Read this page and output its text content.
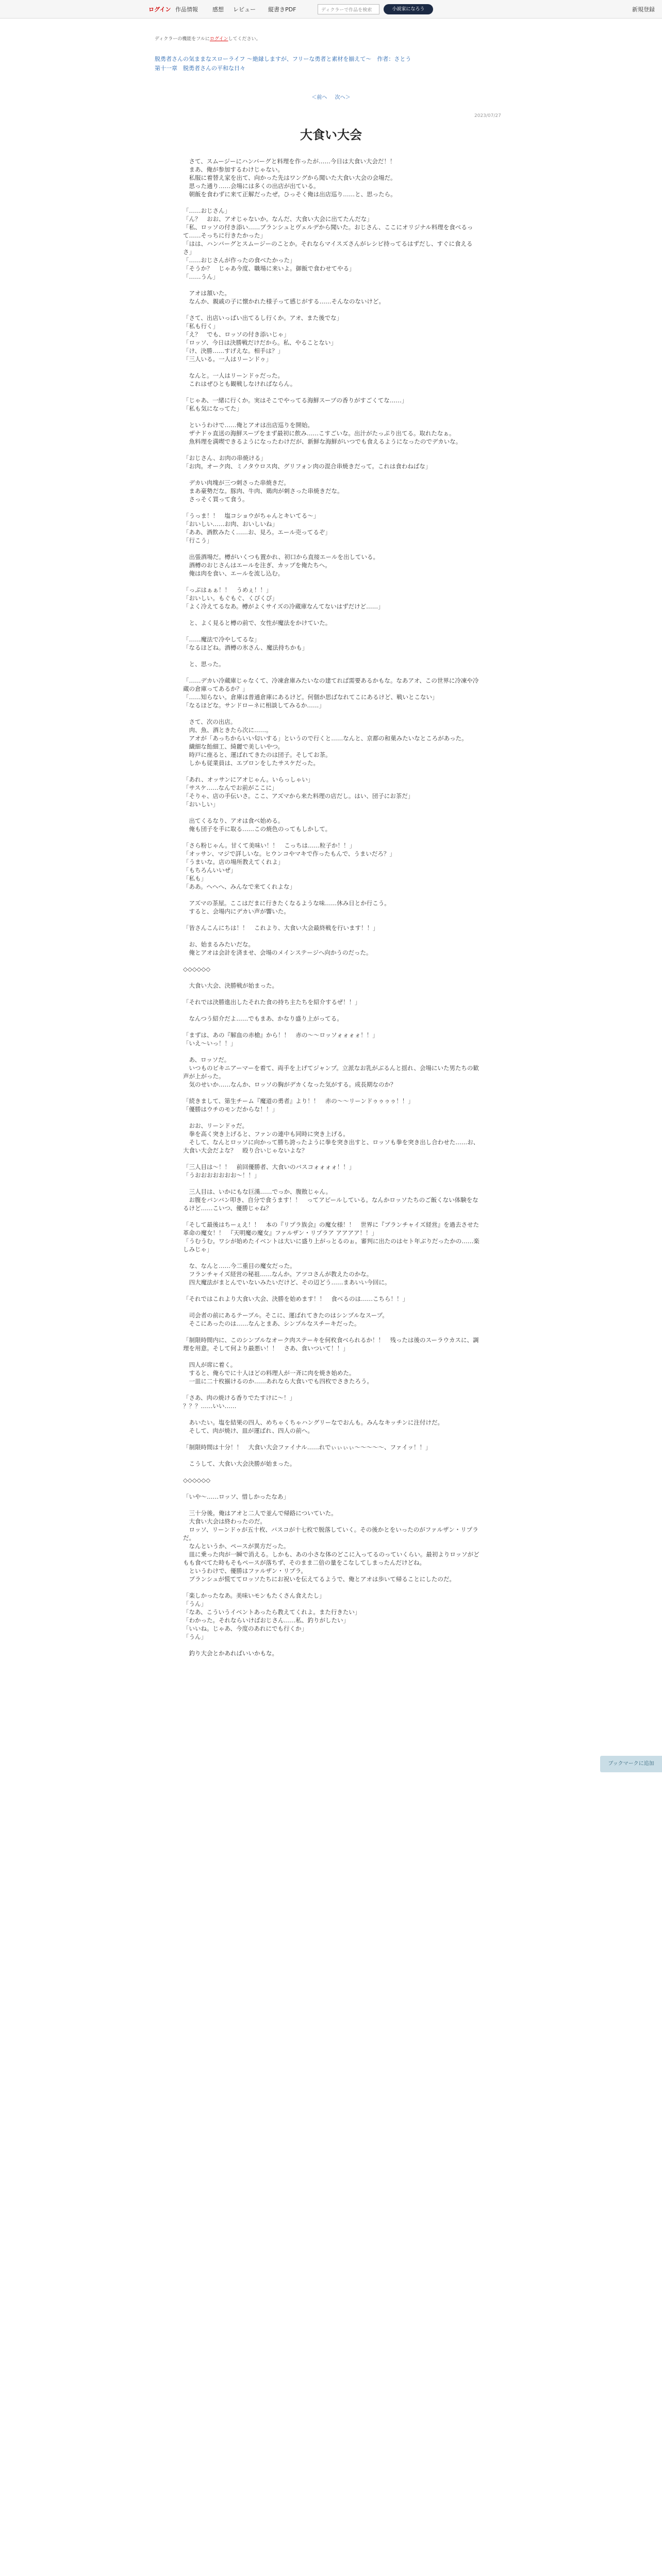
ログイン 作品情報	感想 レビュー 縦書きPDF	ディクラーで作品を検索	小説家になろう	新規登録
ディクラーの機能をフルにログインしてください。
脱勇者さんの気ままなスローライフ ～絶縁しますが、フリーな勇者と素材を揃えて～　作者：さとう
第十一章　脱勇者さんの平和な日々
＜前へ 次へ＞
2023/07/27
大食い大会

　さて、スムージーにハンバーグと料理を作ったが……今日は大食い大会だ！！

　まあ、俺が参加するわけじゃない。

　私服に着替え家を出て、向かった先はワングから聞いた大食い大会の会場だ。

　思った通り……会場には多くの出店が出ている。

　朝飯を食わずに来て正解だったぜ。ひっそく俺は出店巡り……と、思ったら。

「……おじさん」

「ん？　おお、アオじゃないか。なんだ、大食い大会に出てたんだな」

「私、ロッソの付き添い……ブランシュとヴェルデから聞いた。おじさん、ここにオリジナル料理を食べるって……そっちに行きたかった」

「はは、ハンバーグとスムージーのことか。それならマイスズさんがレシピ持ってるはずだし、すぐに食えるさ」

「……おじさんが作ったの食べたかった」

「そうか？　じゃあ今度、職場に来いよ。御飯で食わせてやる」

「……うん」

　アオは頷いた。

　なんか、親戚の子に懐かれた様子って感じがする……そんなのないけど。

「さて、出店いっぱい出てるし行くか。アオ、また後でな」

「私も行く」

「え？　でも、ロッソの付き添いじゃ」

「ロッソ、今日は決勝戦だけだから。私、やることない」

「け、決勝……すげえな。相手は？」

「三人いる。一人はリーンドゥ」

　なんと。一人はリーンドゥだった。

　これはぜひとも観戦しなければならん。

「じゃあ、一緒に行くか。実はそこでやってる海鮮スープの香りがすごくてな……」

「私も気になってた」

　というわけで……俺とアオは出店巡りを開始。

　ザナドゥ直送の海鮮スープをまず最初に飲み……こすごいな。出汁がたっぷり出てる。取れたなぁ。

　魚料理を満喫できるようになったわけだが、新鮮な海鮮がいつでも食えるようになったのでデカいな。

「おじさん、お肉の串焼ける」

「お肉。オーク肉、ミノタウロス肉、グリフォン肉の混合串焼きだって。これは食わねばな」

　デカい肉塊が三つ刺さった串焼きだ。

　まあ豪勢だな。豚肉、牛肉、鶏肉が刺さった串焼きだな。

　さっそく買って食う。

「うっま！！　塩コショウがちゃんとキいてる～」

「おいしい……お肉、おいしいね」

「ああ、酒飲みたく……お、見ろ。エール売ってるぞ」

「行こう」

　出張酒場だ。樽がいくつも置かれ、初口から直接エールを出している。

　酒樽のおじさんはエールを注ぎ、カップを俺たちへ。

　俺は肉を食い、エールを流し込む。

「っぷはぁぁ！！　うめぇ！！」

「おいしい。もぐもぐ、くぴくぴ」

「よく冷えてるなあ。樽がよくサイズの冷蔵庫なんてないはずだけど……」

　と、よく見ると樽の前で、女性が魔法をかけていた。

「……魔法で冷やしてるな」

「なるほどね。酒樽の氷さん、魔法持ちかも」

　と、思った。

「……デカい冷蔵庫じゃなくて、冷凍倉庫みたいなの建てれば需要あるかもな。なあアオ、この世界に冷凍や冷蔵の倉庫ってあるか？」

「……知らない。倉庫は普通倉庫にあるけど。何個か思ばなれてこにあるけど、戦いとこない」

「なるほどな。サンドローネに相談してみるか……」

　さて、次の出店。

　肉、魚、酒ときたら次に……。

　アオが「あっちからいい匂いする」というので行くと……なんと、京都の和菓みたいなところがあった。

　繊細な飴細工、綺麗で美しいやつ。

　時戸に座ると、運ばれてきたのは団子。そしてお茶。

　しかも従業員は、エプロンをしたサスケだった。

「あれ、オッサンにアオじゃん。いらっしゃい」

「サスケ……なんでお前がここに」

「そりゃ、店の手伝いさ。ここ、アズマから来た料理の店だし。はい、団子にお茶だ」

「おいしい」

　出てくるなり、アオは食べ始める。

　俺も団子を手に取る……この焼色のってもしかして。

「さら粉じゃん。甘くて美味い！！　こっちは……粒子か！！」

「オッサン、マジで詳しいな。ヒウンコやマキで作ったもんで、うまいだろ？」

「うまいな。店の場所教えてくれよ」

「もちろんいいぜ」

「私も」

「ああ。へへへ、みんなで来てくれよな」

　アズマの茶屋。ここはだまに行きたくなるような味……休み日とか行こう。

　すると、会場内にデカい声が響いた。

「皆さんこんにちは！！　これより、大食い大会最終戦を行います！！」

　お、始まるみたいだな。

　俺とアオは会計を済ませ、会場のメインステージへ向かうのだった。

◇◇◇◇◇◇

　大食い大会、決勝戦が始まった。

「それでは決勝進出したそれた食の持ち主たちを紹介するぜ！！」

　なんつう紹介だよ……でもまあ、かなり盛り上がってる。

「まずは、あの『解血の赤槍』から！！　赤の～～ロッソォォォォ！！」

「いえ～いっ！！」

　あ、ロッソだ。

　いつものビキニアーマーを着て、両手を上げてジャンプ。立派なお乳がぶるんと揺れ、会場にいた男たちの歓声が上がった。

　気のせいか……なんか、ロッソの胸がデカくなった気がする。成長期なのか？

「続きまして、第生チーム『魔道の勇者』より！！　赤の～～リーンドゥゥゥゥ！！」

「優勝はウチのモンだからな！！」

　おお、リーンドゥだ。

　拳を高く突き上げると、ファンの連中も同時に突き上げる。

　そして、なんとロッソに向かって勝ち誇ったように拳を突き出すと、ロッソも拳を突き出し合わせた……お、大食い大会だよな？　殴り合いじゃないよな？

「三人目は～！！　前回優勝者、大食いのバスコォォォォ！！」

「うおおおおおおお～！！」

　三人目は、いかにもな巨漢……でっか、腹散じゃん。

　お腹をバンバン叩き、自分で食うます！！　ってアピールしている。なんかロッソたちのご飯くない体験をなるけど……こいつ、優勝じゃね？

「そして最後はちーぇえ！！　本の『リプラ族会』の魔女様！！　世界に『ブランチャイズ経営』を過去させた革命の魔女！！　『天明魔の魔女』ファルザン・リプラア アアアア！！」

「うむうむ。ワシが始めたイベントは大いに盛り上がっとるのぉ。審判に出たのはセト年ぶりだったかの……楽しみじゃ」

　な、なんと……今二重目の魔女だった。

　フランチャイズ経営の秘祖……なんか。アツコさんが教えたのかな。

　四大魔法がまとんでいないみたいだけど、その辺どう……まあいい今回に。

「それではこれより大食い大会、決勝を始めます！！　食べるのは……こちら！！」

　司会者の前にあるテーブル。そこに、運ばれてきたのはシンプルなスープ。

　そこにあったのは……なんとまあ、シンプルなスチーキだった。

「制限時間内に、このシンプルなオーク肉ステーキを何枚食べられるか！！　残ったは後のスーラウカスに、調理を用意。そして何より最悪い！！　さあ、食いついて！！」

　四人が席に着く。

　すると、俺らでに十人ほどの料理人が一斉に肉を焼き始めた。

　一皿に二十枚揃けるのか……あれなら大食いでも四枚でさきたろう。

「さあ、肉の焼ける香りでたすけに～！」

？？？……いい……

　あいたい。塩を結果の四人、めちゃくちゃハングリーなでおんも。みんなキッチンに注付けだ。

　そして、肉が焼け、皿が運ばれ、四人の前へ。

「制限時間は十分！！　大食い大会ファイナル……れでぃぃぃぃ～～～～～、ファイッ！！」

　こうして、大食い大会決勝が始まった。

◇◇◇◇◇◇

「いや～……ロッソ、惜しかったなあ」

　三十分後。俺はアオと二人で並んで帰路についていた。

　大食い大会は終わったのだ。

　ロッソ、リーンドゥが五十枚、バスコが十七枚で脱落していく。その後かとをいったのがファルザン・リプラだ。

　なんというか、ペースが異方だった。

　皿に乗った肉が一瞬で消える。しかも、あの小さな体のどこに入ってるのっていくらい。最初よりロッソがどもも食べてた時もそもペースが落ちず、そのまま二倍の量をこなしてしまったんだけどね。

　というわけで、優勝はファルザン・リプラ。

　ブランシュが慌ててロッソたちにお祝いを伝えてるようで、俺とアオは歩いて帰ることにしたのだ。

「楽しかったなあ。美味いモンもたくさん食えたし」

「うん」

「なあ、こういうイベントあったら教えてくれよ。また行きたい」

「わかった。それならいけばおじさん……私、釣りがしたい」

「いいね。じゃあ、今度のあれにでも行くか」

「うん」

　釣り大会とかあればいいかもな。

ブックマークに追加
